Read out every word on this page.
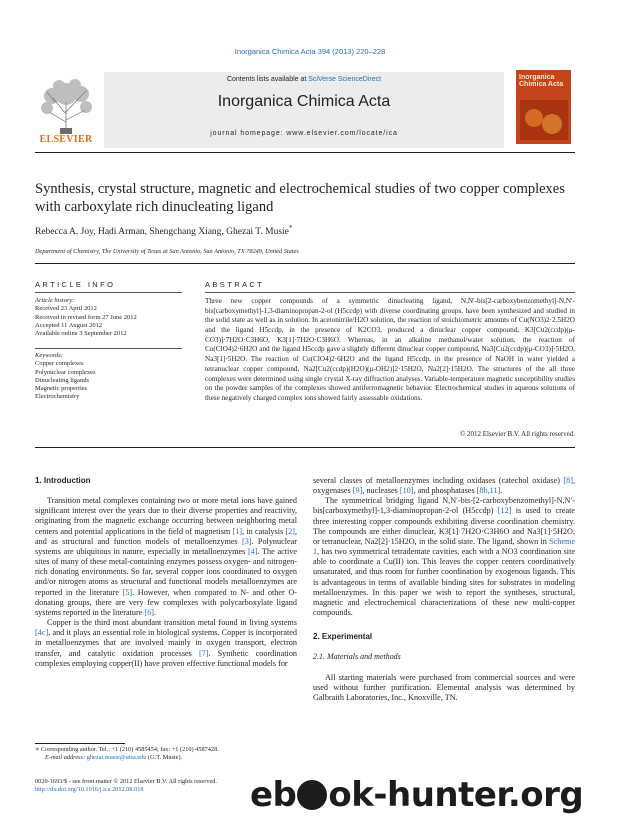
Inorganica Chimica Acta 394 (2013) 220–228
ELSEVIER
Contents lists available at SciVerse ScienceDirect
Inorganica Chimica Acta
journal homepage: www.elsevier.com/locate/ica
Inorganica Chimica Acta
Synthesis, crystal structure, magnetic and electrochemical studies of two copper complexes with carboxylate rich dinucleating ligand
Rebecca A. Joy, Hadi Arman, Shengchang Xiang, Ghezai T. Musie*
Department of Chemistry, The University of Texas at San Antonio, San Antonio, TX 78249, United States
ARTICLE INFO
Article history:
Received 23 April 2012
Received in revised form 27 June 2012
Accepted 11 August 2012
Available online 3 September 2012
Keywords:
Copper complexes
Polynuclear complexes
Dinucleating ligands
Magnetic properties
Electrochemistry
ABSTRACT
Three new copper compounds of a symmetric dinucleating ligand, N,N′-bis[2-carboxybenzomethyl]-N,N′-bis[carboxymethyl]-1,3-diaminopropan-2-ol (H5ccdp) with diverse coordinating groups, have been synthesized and studied in the solid state as well as in solution. In acetonitrile/H2O solution, the reaction of stoichiometric amounts of Cu(NO3)2·2.5H2O and the ligand H5ccdp, in the presence of K2CO3, produced a dinuclear copper compound, K3[Cu2(ccdp)(μ-CO3)]·7H2O·C3H6O, K3[1]·7H2O·C3H6O. Whereas, in an alkaline methanol/water solution, the reaction of Cu(ClO4)2·6H2O and the ligand H5ccdp gave a slightly different dinuclear copper compound, Na3[Cu2(ccdp)(μ-CO3)]·5H2O, Na3[1]·5H2O. The reaction of Cu(ClO4)2·6H2O and the ligand H5ccdp, in the presence of NaOH in water yielded a tetranuclear copper compound, Na2[Cu2(ccdp)(H2O)(μ-OH2)]2·15H2O, Na2[2]·15H2O. The structures of the all three complexes were determined using single crystal X-ray diffraction analyses. Variable-temperature magnetic susceptibility studies on the powder samples of the complexes showed antiferromagnetic behavior. Electrochemical studies in aqueous solutions of these negatively charged complex ions showed fairly assessable oxidations.
© 2012 Elsevier B.V. All rights reserved.
1. Introduction

Transition metal complexes containing two or more metal ions have gained significant interest over the years due to their diverse properties and reactivity, originating from the magnetic exchange occurring between neighboring metal centers and potential applications in the field of magnetism [1], in catalysis [2], and as structural and function models of metalloenzymes [3]. Polynuclear systems are ubiquitous in nature, especially in metalloenzymes [4]. The active sites of many of these metal-containing enzymes possess oxygen- and nitrogen-rich donating environments. So far, several copper ions coordinated to oxygen and/or nitrogen atoms as structural and functional models metalloenzymes are reported in the literature [5]. However, when compared to N- and other O- donating groups, there are very few complexes with polycarboxylate ligand systems reported in the literature [6].

Copper is the third most abundant transition metal found in living systems [4c], and it plays an essential role in biological systems. Copper is incorporated in metalloenzymes that are involved mainly in oxygen transport, electron transfer, and catalytic oxidation processes [7]. Synthetic coordination complexes employing copper(II) have proven effective functional models for

several classes of metalloenzymes including oxidases (catechol oxidase) [8], oxygenases [9], nucleases [10], and phosphatases [8b,11].

The symmetrical bridging ligand N,N′-bis-[2-carboxybenzomethyl]-N,N′-bis[carboxymethyl]-1,3-diaminopropan-2-ol (H5ccdp) [12] is used to create three interesting copper compounds exhibiting diverse coordination chemistry. The compounds are either dinuclear, K3[1]·7H2O·C3H6O and Na3[1]·5H2O, or tetranuclear, Na2[2]·15H2O, in the solid state. The ligand, shown in Scheme 1, has two symmetrical tetradentate cavities, each with a NO3 coordination site able to coordinate a Cu(II) ion. This leaves the copper centers coordinatively unsaturated, and thus room for further coordination by exogenous ligands. This is advantageous in terms of available binding sites for substrates in modeling metalloenzymes. In this paper we wish to report the syntheses, structural, magnetic and electrochemical characterizations of these new multi-copper compounds.

2. Experimental
2.1. Materials and methods

All starting materials were purchased from commercial sources and were used without further purification. Elemental analysis was determined by Galbraith Laboratories, Inc., Knoxville, TN.

∗ Corresponding author. Tel.: +1 (210) 4585454; fax: +1 (210) 4587428.
E-mail address: ghezai.musie@utsa.edu (G.T. Musie).
0020-1693/$ - see front matter © 2012 Elsevier B.V. All rights reserved.
http://dx.doi.org/10.1016/j.ica.2012.08.018	eb ok-hunter.org
